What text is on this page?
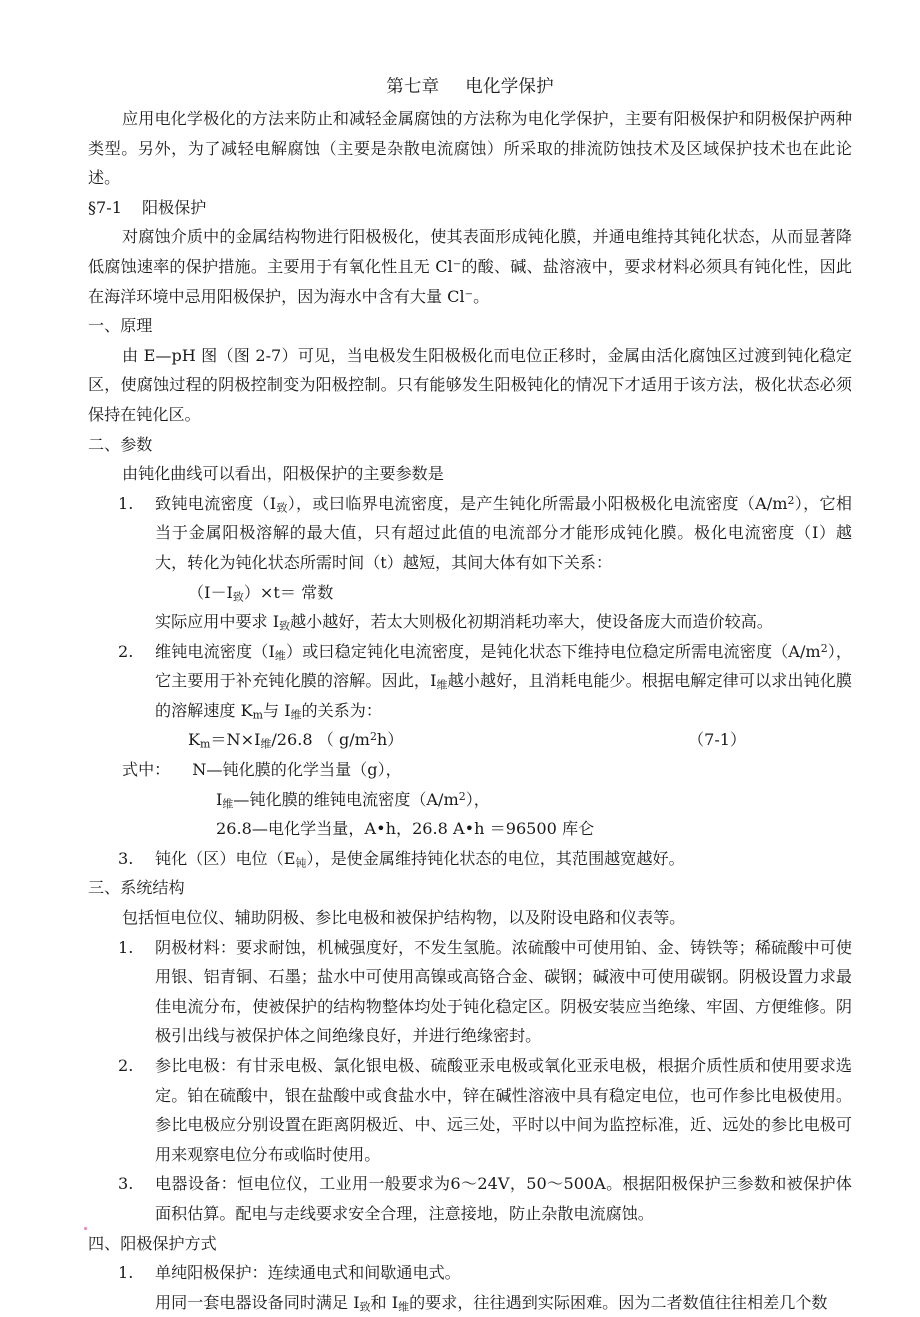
第七章 电化学保护

应用电化学极化的方法来防止和减轻金属腐蚀的方法称为电化学保护，主要有阳极保护和阴极保护两种类型。另外，为了减轻电解腐蚀（主要是杂散电流腐蚀）所采取的排流防蚀技术及区域保护技术也在此论述。

§7-1 阳极保护

对腐蚀介质中的金属结构物进行阳极极化，使其表面形成钝化膜，并通电维持其钝化状态，从而显著降低腐蚀速率的保护措施。主要用于有氧化性且无 Cl⁻的酸、碱、盐溶液中，要求材料必须具有钝化性，因此在海洋环境中忌用阳极保护，因为海水中含有大量 Cl⁻。

一、原理

由 E—pH 图（图 2-7）可见，当电极发生阳极极化而电位正移时，金属由活化腐蚀区过渡到钝化稳定区，使腐蚀过程的阴极控制变为阳极控制。只有能够发生阳极钝化的情况下才适用于该方法，极化状态必须保持在钝化区。

二、参数

由钝化曲线可以看出，阳极保护的主要参数是

1.	致钝电流密度$(I_致)$，或曰临界电流密度，是产生钝化所需最小阳极极化电流密度$(A/m^2)$，它相当于金属阳极溶解的最大值，只有超过此值的电流部分才能形成钝化膜。极化电流密度（I）越大，转化为钝化状态所需时间（t）越短，其间大体有如下关系：
$(I-I_致)\times t=$ 常数
实际应用中要求 $I_致$越小越好，若太大则极化初期消耗功率大，使设备庞大而造价较高。
2.	维钝电流密度$(I_维)$或曰稳定钝化电流密度，是钝化状态下维持电位稳定所需电流密度$(A/m^2)$，它主要用于补充钝化膜的溶解。因此，$I_维$越小越好，且消耗电能少。根据电解定律可以求出钝化膜的溶解速度 $K_m$与 $I_维$的关系为：
$K_m=N\times I_维/26.8$ （ $g/m^2h$）	（7-1）
式中： N—钝化膜的化学当量（g），
$I_维—$钝化膜的维钝电流密度$(A/m^2)$，
26.8—电化学当量，A•h，26.8 A•h ＝96500 库仑
3.	钝化（区）电位$(E_钝)$，是使金属维持钝化状态的电位，其范围越宽越好。
三、系统结构

包括恒电位仪、辅助阴极、参比电极和被保护结构物，以及附设电路和仪表等。

1.	阴极材料：要求耐蚀，机械强度好，不发生氢脆。浓硫酸中可使用铂、金、铸铁等；稀硫酸中可使用银、铝青铜、石墨；盐水中可使用高镍或高铬合金、碳钢；碱液中可使用碳钢。阴极设置力求最佳电流分布，使被保护的结构物整体均处于钝化稳定区。阴极安装应当绝缘、牢固、方便维修。阴极引出线与被保护体之间绝缘良好，并进行绝缘密封。
2.	参比电极：有甘汞电极、氯化银电极、硫酸亚汞电极或氧化亚汞电极，根据介质性质和使用要求选定。铂在硫酸中，银在盐酸中或食盐水中，锌在碱性溶液中具有稳定电位，也可作参比电极使用。参比电极应分别设置在距离阴极近、中、远三处，平时以中间为监控标准，近、远处的参比电极可用来观察电位分布或临时使用。
3.	电器设备：恒电位仪，工业用一般要求为6～24V，50～500A。根据阳极保护三参数和被保护体面积估算。配电与走线要求安全合理，注意接地，防止杂散电流腐蚀。
四、阳极保护方式
1.	单纯阳极保护：连续通电式和间歇通电式。
用同一套电器设备同时满足 $I_致$和 $I_维$的要求，往往遇到实际困难。因为二者数值往往相差几个数
